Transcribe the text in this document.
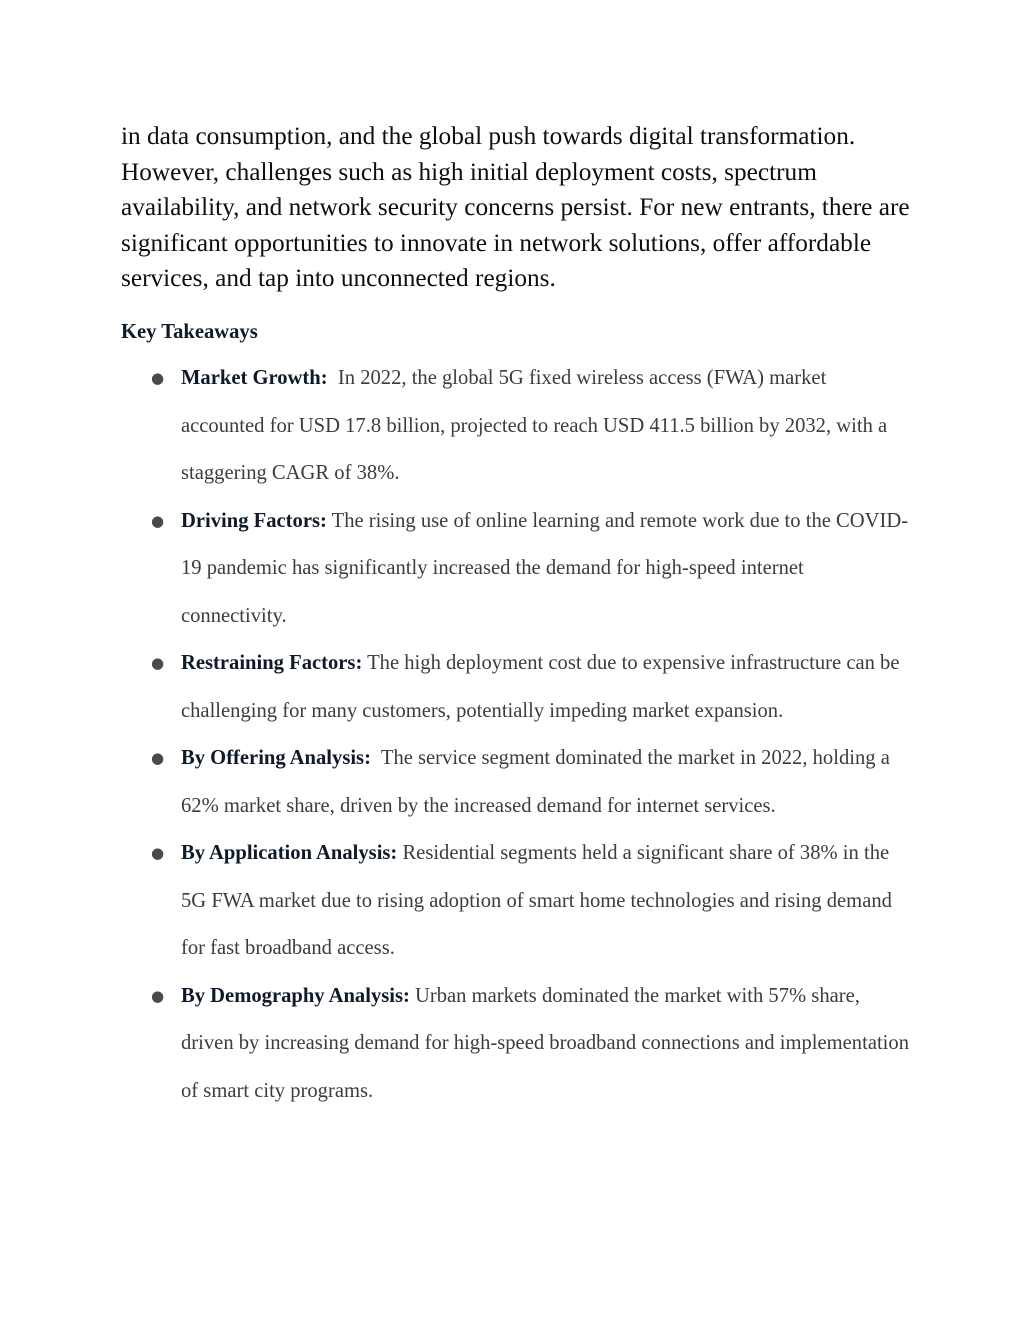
in data consumption, and the global push towards digital transformation. However, challenges such as high initial deployment costs, spectrum availability, and network security concerns persist. For new entrants, there are significant opportunities to innovate in network solutions, offer affordable services, and tap into unconnected regions.

Key Takeaways
● Market Growth:  In 2022, the global 5G fixed wireless access (FWA) market accounted for USD 17.8 billion, projected to reach USD 411.5 billion by 2032, with a staggering CAGR of 38%.
● Driving Factors: The rising use of online learning and remote work due to the COVID-19 pandemic has significantly increased the demand for high-speed internet connectivity.
● Restraining Factors: The high deployment cost due to expensive infrastructure can be challenging for many customers, potentially impeding market expansion.
● By Offering Analysis:  The service segment dominated the market in 2022, holding a 62% market share, driven by the increased demand for internet services.
● By Application Analysis: Residential segments held a significant share of 38% in the 5G FWA market due to rising adoption of smart home technologies and rising demand for fast broadband access.
● By Demography Analysis: Urban markets dominated the market with 57% share, driven by increasing demand for high-speed broadband connections and implementation of smart city programs.
